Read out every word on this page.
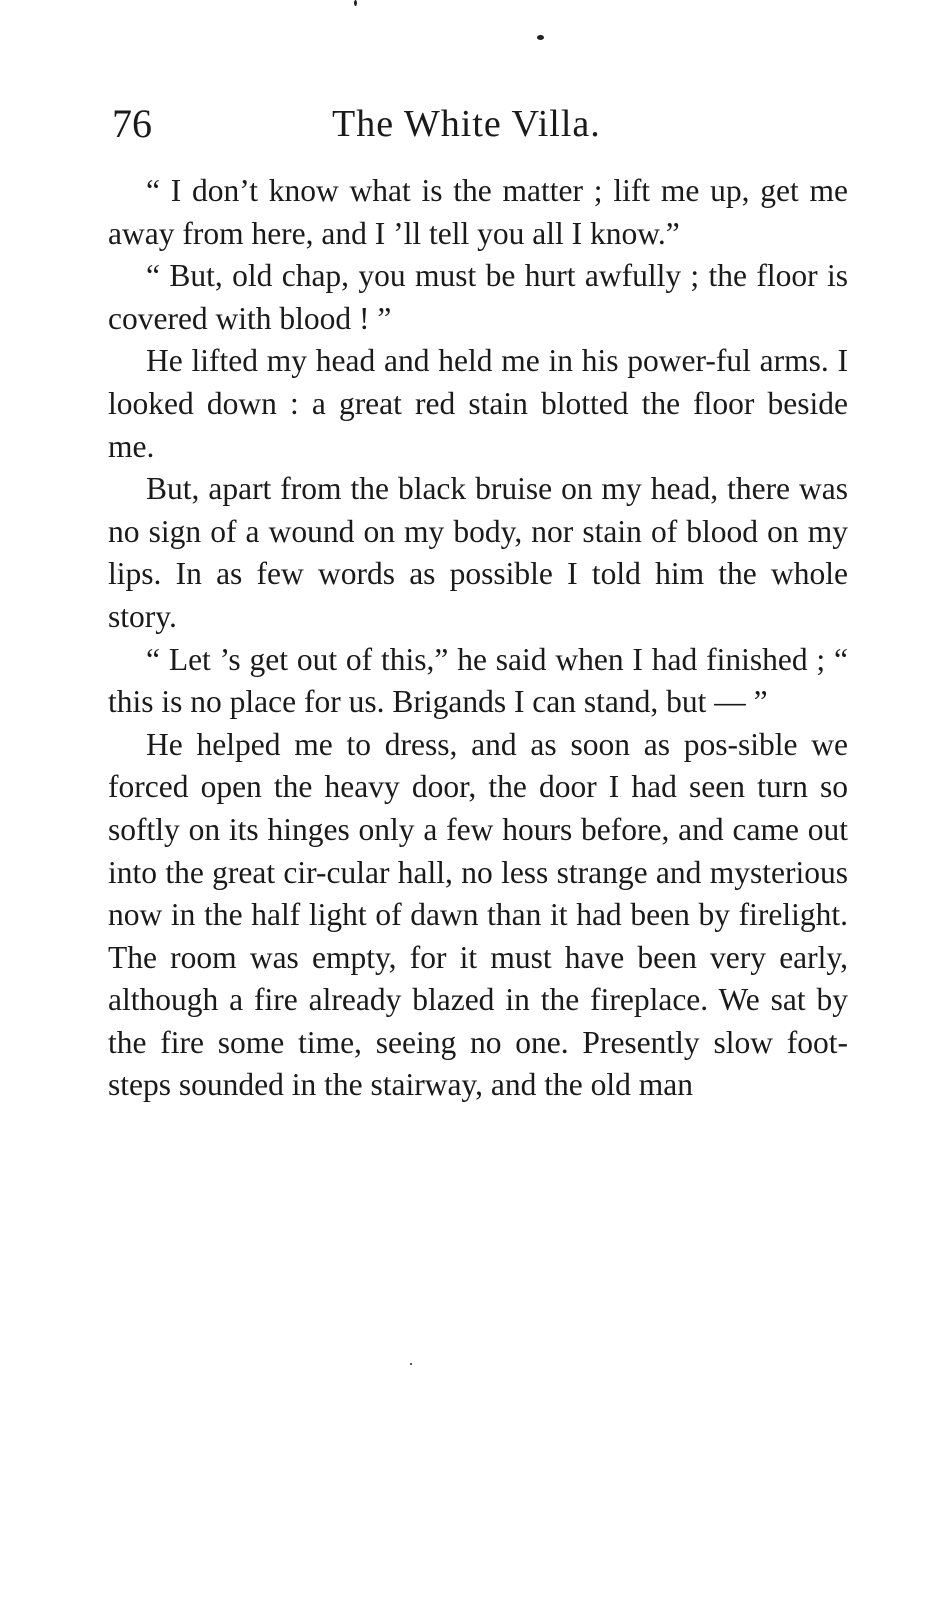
76	The White Villa.

“ I don’t know what is the matter ; lift me up, get me away from here, and I ’ll tell you all I know.”

“ But, old chap, you must be hurt awfully ; the floor is covered with blood ! ”

He lifted my head and held me in his power-ful arms. I looked down : a great red stain blotted the floor beside me.

But, apart from the black bruise on my head, there was no sign of a wound on my body, nor stain of blood on my lips. In as few words as possible I told him the whole story.

“ Let ’s get out of this,” he said when I had finished ; “ this is no place for us. Brigands I can stand, but — ”

He helped me to dress, and as soon as pos-sible we forced open the heavy door, the door I had seen turn so softly on its hinges only a few hours before, and came out into the great cir-cular hall, no less strange and mysterious now in the half light of dawn than it had been by firelight. The room was empty, for it must have been very early, although a fire already blazed in the fireplace. We sat by the fire some time, seeing no one. Presently slow foot-steps sounded in the stairway, and the old man
